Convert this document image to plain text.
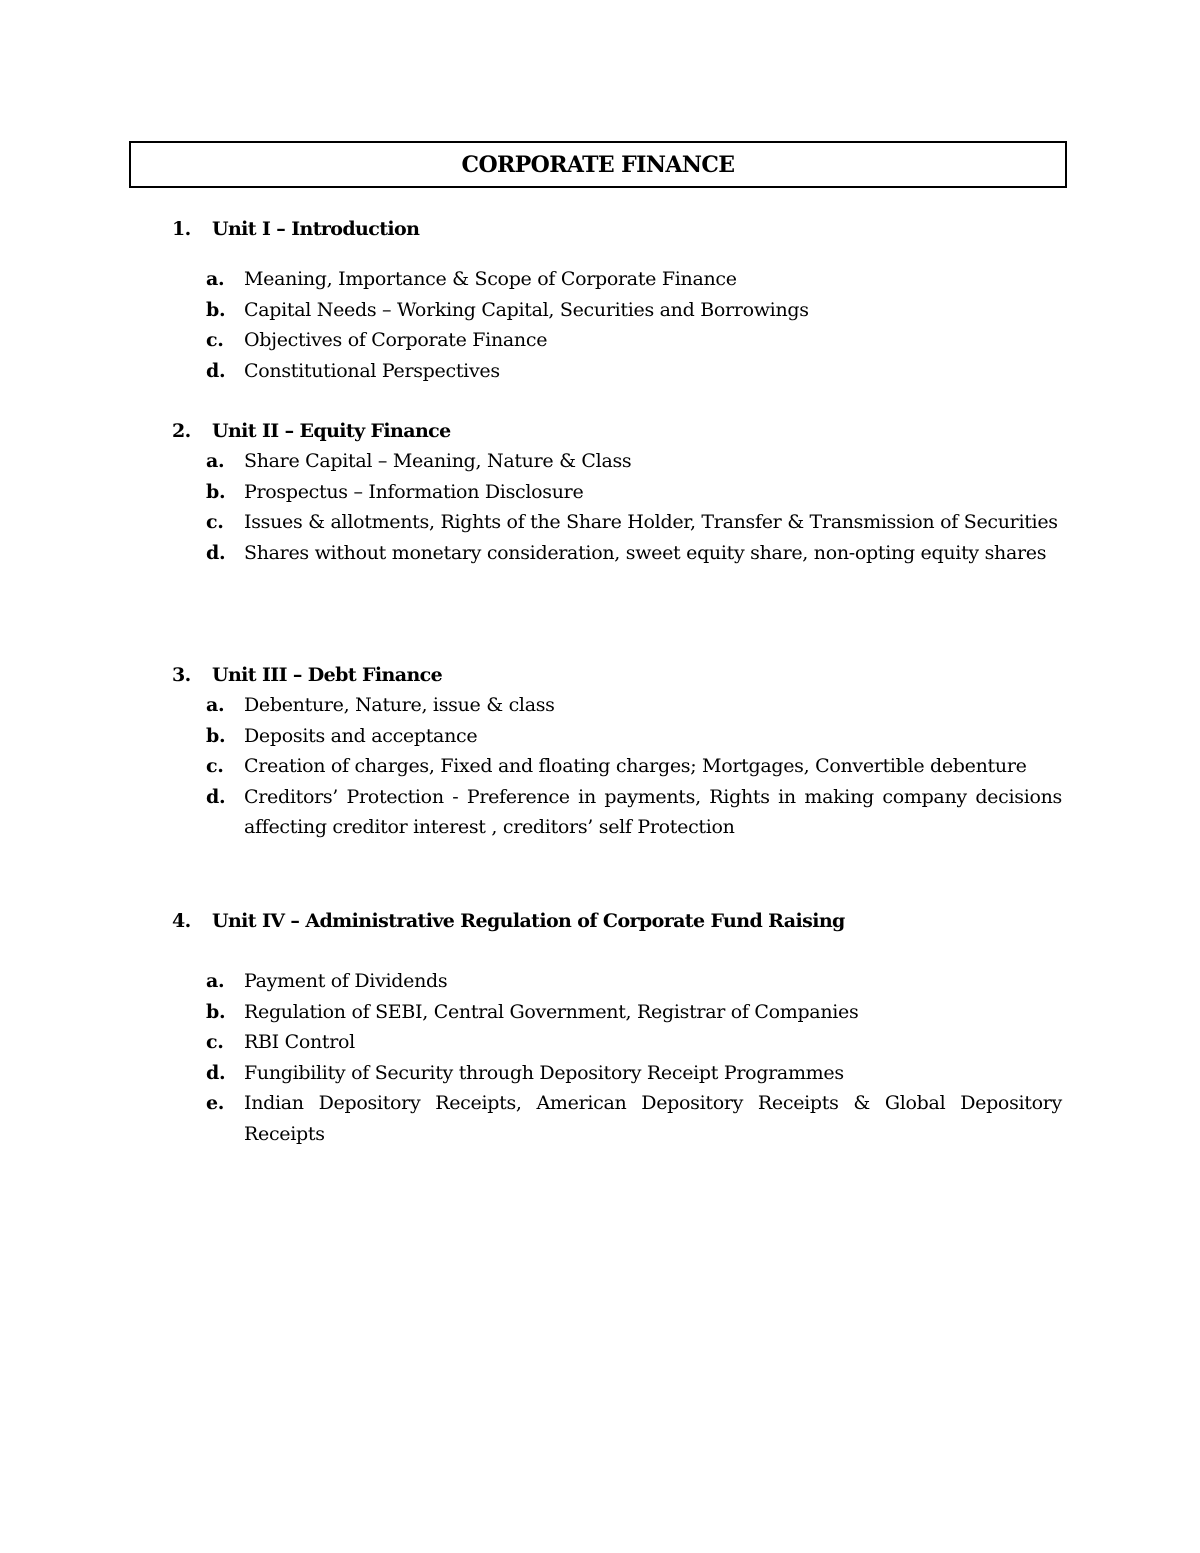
CORPORATE FINANCE
1.	Unit I – Introduction
a.	Meaning, Importance & Scope of Corporate Finance
b. Capital Needs – Working Capital, Securities and Borrowings
c.	Objectives of Corporate Finance
d. Constitutional Perspectives
2.	Unit II – Equity Finance
a.	Share Capital – Meaning, Nature & Class
b. Prospectus – Information Disclosure
c.	Issues & allotments, Rights of the Share Holder, Transfer & Transmission of Securities
d. Shares without monetary consideration, sweet equity share, non-opting equity shares
3.	Unit III – Debt Finance
a.	Debenture, Nature, issue & class
b. Deposits and acceptance
c.	Creation of charges, Fixed and floating charges; Mortgages, Convertible debenture
d. Creditors’ Protection - Preference in payments, Rights in making company decisions affecting creditor interest , creditors’ self Protection
4.	Unit IV – Administrative Regulation of Corporate Fund Raising
a.	Payment of Dividends
b. Regulation of SEBI, Central Government, Registrar of Companies
c.	RBI Control
d. Fungibility of Security through Depository Receipt Programmes
e.	Indian Depository Receipts, American Depository Receipts & Global Depository Receipts
